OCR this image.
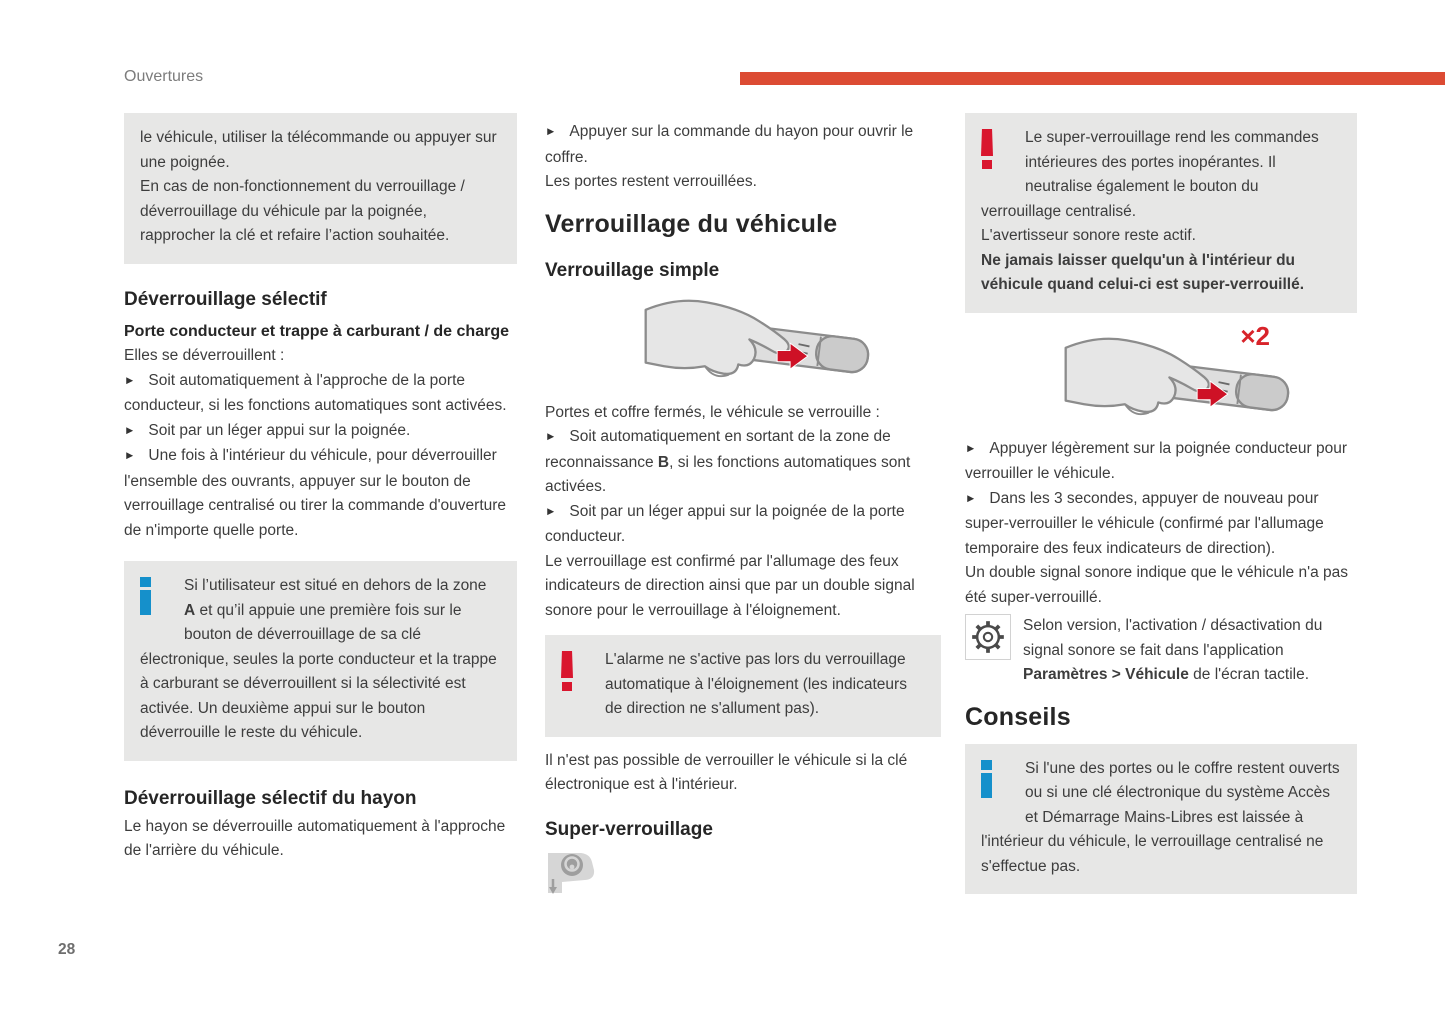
Ouvertures

le véhicule, utiliser la télécommande ou appuyer sur une poignée.

En cas de non-fonctionnement du verrouillage / déverrouillage du véhicule par la poignée, rapprocher la clé et refaire l’action souhaitée.

Déverrouillage sélectif
Porte conducteur et trappe à carburant / de charge

Elles se déverrouillent :

► Soit automatiquement à l'approche de la porte conducteur, si les fonctions automatiques sont activées.

► Soit par un léger appui sur la poignée.

► Une fois à l'intérieur du véhicule, pour déverrouiller l'ensemble des ouvrants, appuyer sur le bouton de verrouillage centralisé ou tirer la commande d'ouverture de n'importe quelle porte.

Si l’utilisateur est situé en dehors de la zone A et qu’il appuie une première fois sur le bouton de déverrouillage de sa clé électronique, seules la porte conducteur et la trappe à carburant se déverrouillent si la sélectivité est activée. Un deuxième appui sur le bouton déverrouille le reste du véhicule.

Déverrouillage sélectif du hayon

Le hayon se déverrouille automatiquement à l'approche de l'arrière du véhicule.

► Appuyer sur la commande du hayon pour ouvrir le coffre.

Les portes restent verrouillées.

Verrouillage du véhicule
Verrouillage simple

Portes et coffre fermés, le véhicule se verrouille :

► Soit automatiquement en sortant de la zone de reconnaissance B, si les fonctions automatiques sont activées.

► Soit par un léger appui sur la poignée de la porte conducteur.

Le verrouillage est confirmé par l'allumage des feux indicateurs de direction ainsi que par un double signal sonore pour le verrouillage à l'éloignement.

L'alarme ne s'active pas lors du verrouillage automatique à l'éloignement (les indicateurs de direction ne s'allument pas).

Il n'est pas possible de verrouiller le véhicule si la clé électronique est à l'intérieur.

Super-verrouillage

Le super-verrouillage rend les commandes intérieures des portes inopérantes. Il neutralise également le bouton du verrouillage centralisé.

L'avertisseur sonore reste actif.

Ne jamais laisser quelqu'un à l'intérieur du véhicule quand celui-ci est super-verrouillé.

×2

► Appuyer légèrement sur la poignée conducteur pour verrouiller le véhicule.

► Dans les 3 secondes, appuyer de nouveau pour super-verrouiller le véhicule (confirmé par l'allumage temporaire des feux indicateurs de direction).

Un double signal sonore indique que le véhicule n'a pas été super-verrouillé.

Selon version, l'activation / désactivation du signal sonore se fait dans l'application Paramètres > Véhicule de l'écran tactile.

Conseils

Si l'une des portes ou le coffre restent ouverts ou si une clé électronique du système Accès et Démarrage Mains-Libres est laissée à l'intérieur du véhicule, le verrouillage centralisé ne s'effectue pas.

28
